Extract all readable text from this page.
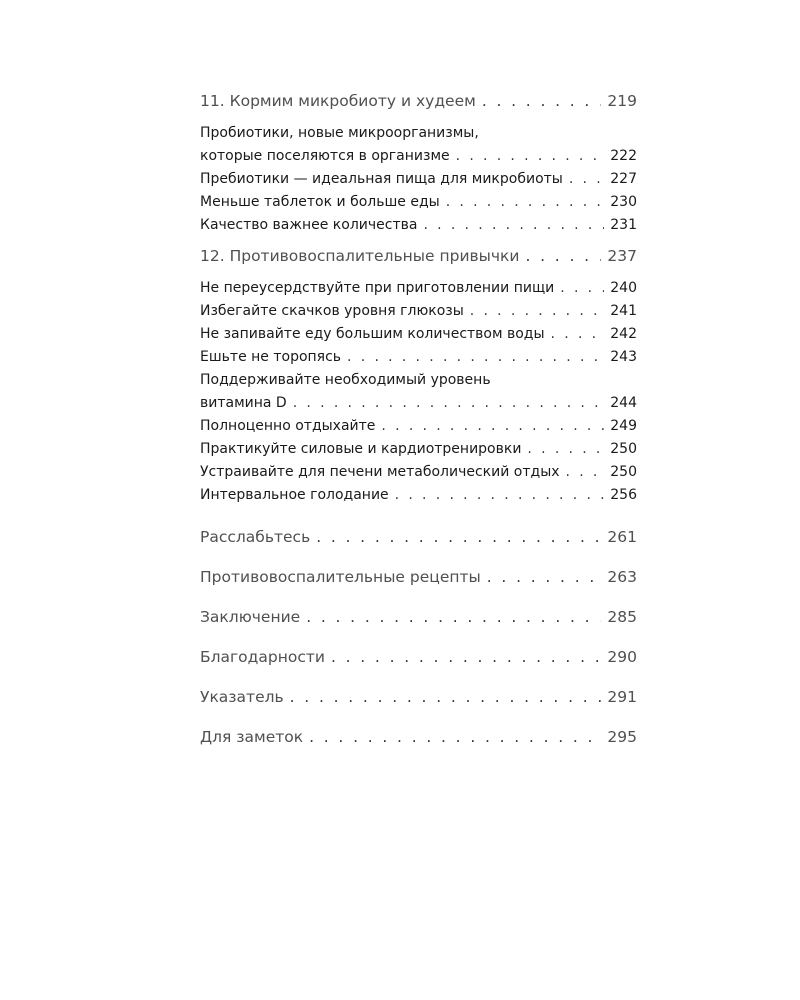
11. Кормим микробиоту и худеем . . .	219
Пробиотики, новые микроорганизмы,
которые поселяются в организме . . .	222
Пребиотики — идеальная пища для микробиоты . . .	227
Меньше таблеток и больше еды . . .	230
Качество важнее количества . . .	231
12. Противовоспалительные привычки . . .	237
Не переусердствуйте при приготовлении пищи . . .	240
Избегайте скачков уровня глюкозы . . .	241
Не запивайте еду большим количеством воды . . .	242
Ешьте не торопясь . . .	243
Поддерживайте необходимый уровень
витамина D . . .	244
Полноценно отдыхайте . . .	249
Практикуйте силовые и кардиотренировки . . .	250
Устраивайте для печени метаболический отдых . . .	250
Интервальное голодание . . .	256
Расслабьтесь . . .	261
Противовоспалительные рецепты . . .	263
Заключение . . .	285
Благодарности . . .	290
Указатель . . .	291
Для заметок . . .	295
